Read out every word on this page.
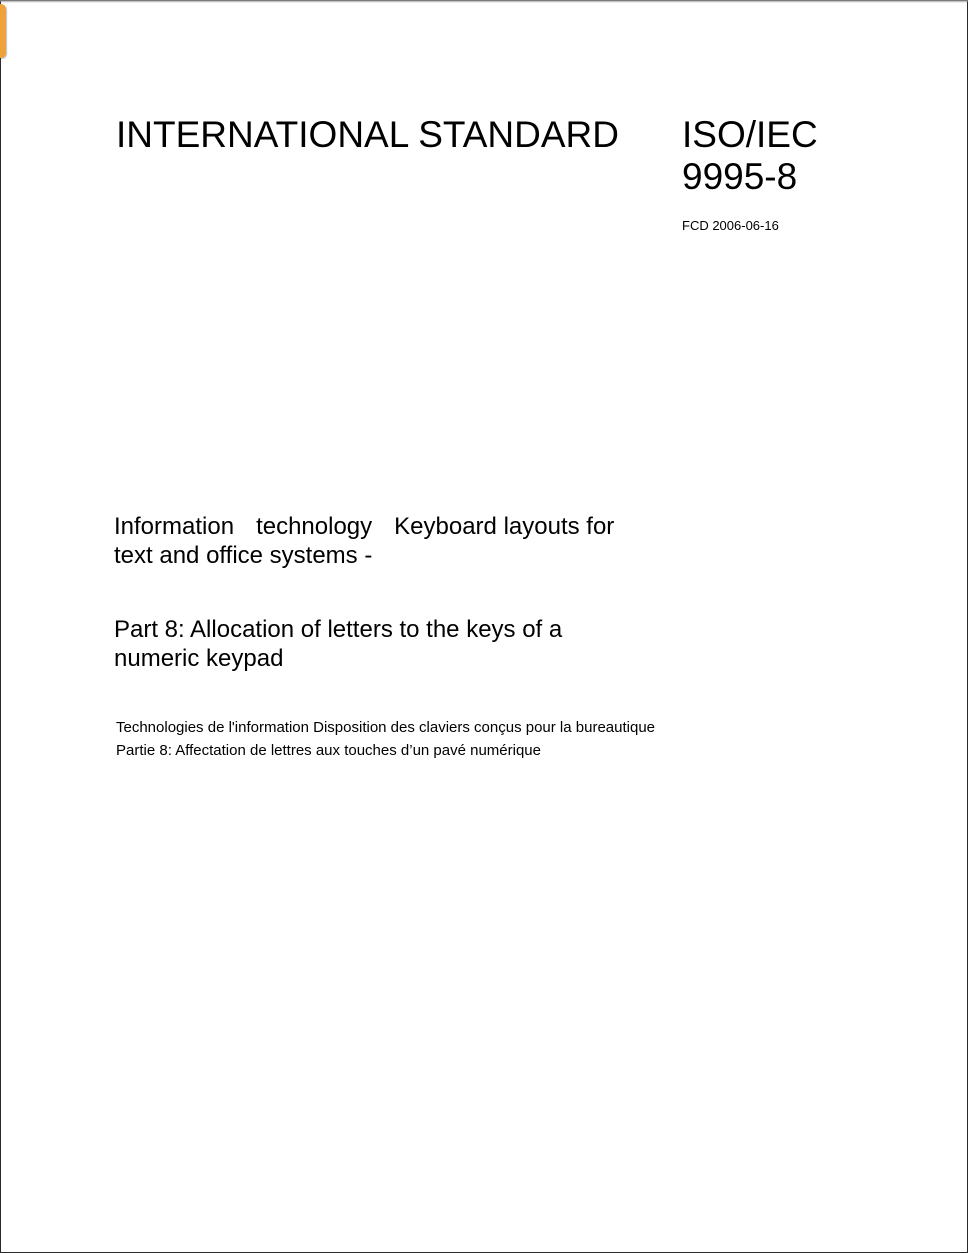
INTERNATIONAL STANDARD ISO/IEC
9995-8
FCD 2006-06-16
Information technology Keyboard layouts for
text and office systems -
Part 8: Allocation of letters to the keys of a
numeric keypad
Technologies de l'information Disposition des claviers conçus pour la bureautique
Partie 8: Affectation de lettres aux touches d’un pavé numérique
